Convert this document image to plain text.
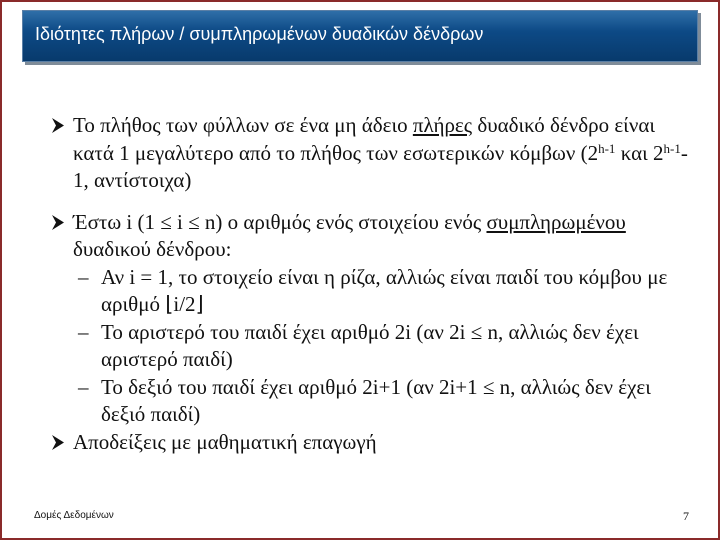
Ιδιότητες πλήρων / συμπληρωμένων δυαδικών δένδρων
Το πλήθος των φύλλων σε ένα μη άδειο πλήρες δυαδικό δένδρο είναι κατά 1 μεγαλύτερο από το πλήθος των εσωτερικών κόμβων (2$^{h-1}$ και 2$^{h-1}$-1, αντίστοιχα)
Έστω i (1 ≤ i ≤ n) ο αριθμός ενός στοιχείου ενός συμπληρωμένου δυαδικού δένδρου:
– Αν i = 1, το στοιχείο είναι η ρίζα, αλλιώς είναι παιδί του κόμβου με αριθμό ⌊i/2⌋
– Το αριστερό του παιδί έχει αριθμό 2i (αν 2i ≤ n, αλλιώς δεν έχει αριστερό παιδί)
– Το δεξιό του παιδί έχει αριθμό 2i+1 (αν 2i+1 ≤ n, αλλιώς δεν έχει δεξιό παιδί)
Αποδείξεις με μαθηματική επαγωγή
Δομές Δεδομένων	7
